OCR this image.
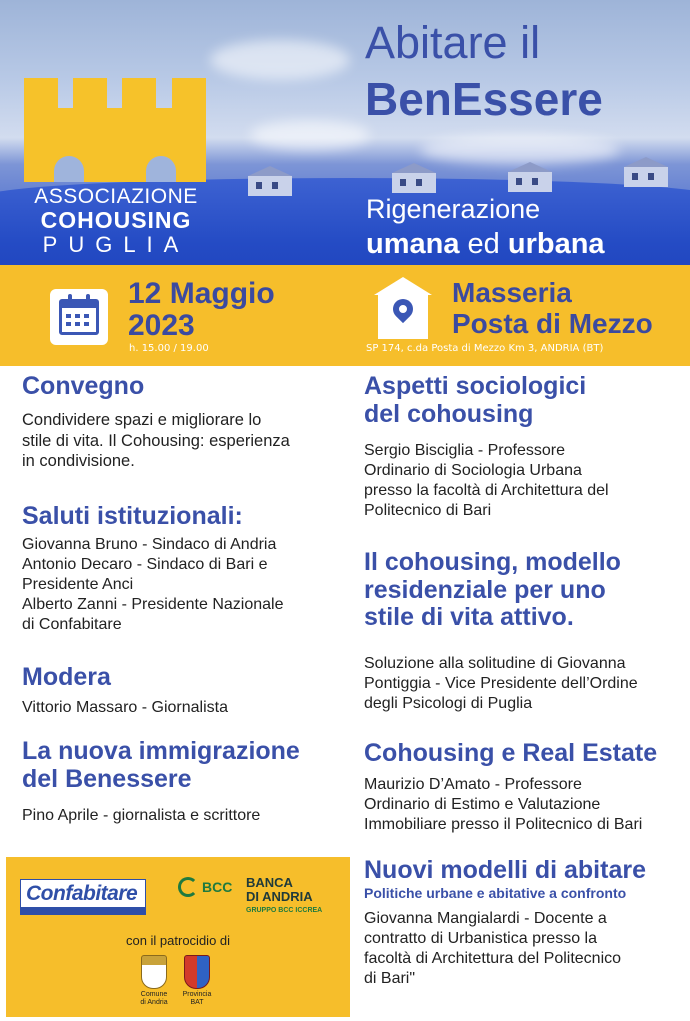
ASSOCIAZIONE
COHOUSING
PUGLIA
Abitare il
BenEssere
Rigenerazione
umana ed urbana
12 Maggio
2023
h. 15.00 / 19.00
Masseria
Posta di Mezzo
SP 174, c.da Posta di Mezzo Km 3, ANDRIA (BT)
Convegno
Condividere spazi e migliorare lo
stile di vita. Il Cohousing: esperienza
in condivisione.
Saluti istituzionali:
Giovanna Bruno - Sindaco di Andria
Antonio Decaro - Sindaco di Bari e
Presidente Anci
Alberto Zanni - Presidente Nazionale
di Confabitare
Modera
Vittorio Massaro - Giornalista
La nuova immigrazione
del Benessere
Pino Aprile - giornalista e scrittore
Aspetti sociologici
del cohousing
Sergio Bisciglia - Professore
Ordinario di Sociologia Urbana
presso la facoltà di Architettura del
Politecnico di Bari
Il cohousing, modello
residenziale per uno
stile di vita attivo.
Soluzione alla solitudine di Giovanna
Pontiggia - Vice Presidente dell’Ordine
degli Psicologi di Puglia
Cohousing e Real Estate
Maurizio D’Amato - Professore
Ordinario di Estimo e Valutazione
Immobiliare presso il Politecnico di Bari
Nuovi modelli di abitare
Politiche urbane e abitative a confronto
Giovanna Mangialardi - Docente a
contratto di Urbanistica presso la
facoltà di Architettura del Politecnico
di Bari"
Confabitare	BCC BANCA
DI ANDRIA
GRUPPO BCC ICCREA
con il patrocidio di
Comune
di Andria
Provincia
BAT
